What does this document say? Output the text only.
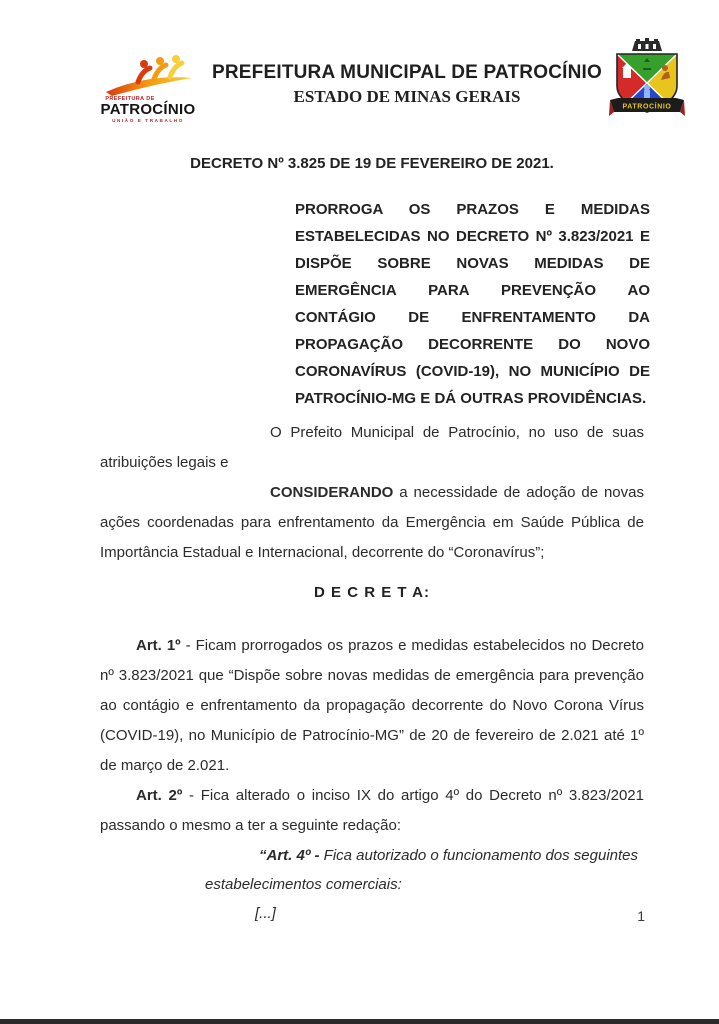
PREFEITURA DE
PATROCÍNIO
UNIÃO E TRABALHO
PREFEITURA MUNICIPAL DE PATROCÍNIO
ESTADO DE MINAS GERAIS
PATROCÍNIO
DECRETO Nº 3.825 DE 19 DE FEVEREIRO DE 2021.

PRORROGA OS PRAZOS E MEDIDAS ESTABELECIDAS NO DECRETO Nº 3.823/2021 E DISPÕE SOBRE NOVAS MEDIDAS DE EMERGÊNCIA PARA PREVENÇÃO AO CONTÁGIO DE ENFRENTAMENTO DA PROPAGAÇÃO DECORRENTE DO NOVO CORONAVÍRUS (COVID-19), NO MUNICÍPIO DE PATROCÍNIO-MG E DÁ OUTRAS PROVIDÊNCIAS.

O Prefeito Municipal de Patrocínio, no uso de suas atribuições legais e

CONSIDERANDO a necessidade de adoção de novas ações coordenadas para enfrentamento da Emergência em Saúde Pública de Importância Estadual e Internacional, decorrente do “Coronavírus”;

D E C R E T A:

Art. 1º - Ficam prorrogados os prazos e medidas estabelecidos no Decreto nº 3.823/2021 que “Dispõe sobre novas medidas de emergência para prevenção ao contágio e enfrentamento da propagação decorrente do Novo Corona Vírus (COVID-19), no Município de Patrocínio-MG” de 20 de fevereiro de 2.021 até 1º de março de 2.021.

Art. 2º - Fica alterado o inciso IX do artigo 4º do Decreto nº 3.823/2021 passando o mesmo a ter a seguinte redação:

“Art. 4º - Fica autorizado o funcionamento dos seguintes estabelecimentos comerciais:

[...]	1
